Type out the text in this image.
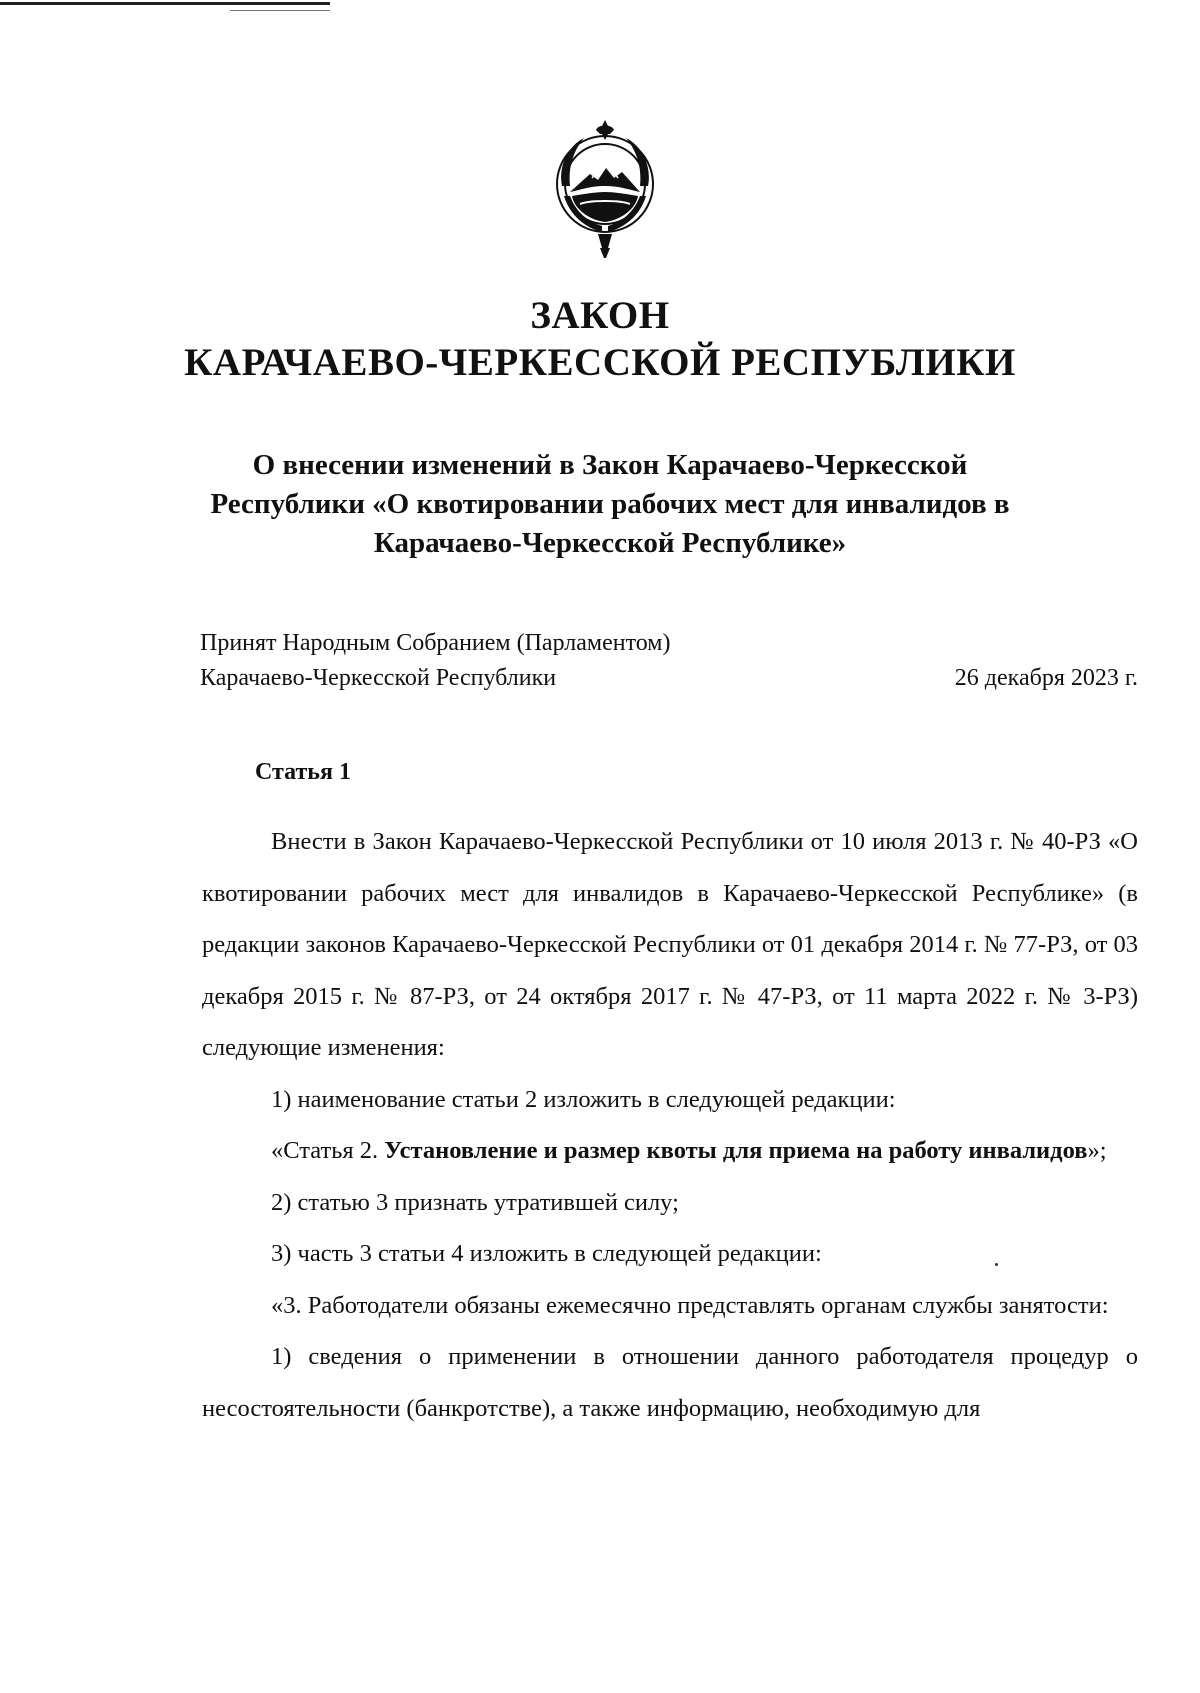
ЗАКОН
КАРАЧАЕВО-ЧЕРКЕССКОЙ РЕСПУБЛИКИ
О внесении изменений в Закон Карачаево-Черкесской
Республики «О квотировании рабочих мест для инвалидов в
Карачаево-Черкесской Республике»
Принят Народным Собранием (Парламентом)
Карачаево-Черкесской Республики	26 декабря 2023 г.
Статья 1

Внести в Закон Карачаево-Черкесской Республики от 10 июля 2013 г. № 40-РЗ «О квотировании рабочих мест для инвалидов в Карачаево-Черкесской Республике» (в редакции законов Карачаево-Черкесской Республики от 01 декабря 2014 г. № 77-РЗ, от 03 декабря 2015 г. № 87-РЗ, от 24 октября 2017 г. № 47-РЗ, от 11 марта 2022 г. № 3-РЗ) следующие изменения:

1) наименование статьи 2 изложить в следующей редакции:

«Статья 2. Установление и размер квоты для приема на работу инвалидов»;

2) статью 3 признать утратившей силу;

3) часть 3 статьи 4 изложить в следующей редакции:

«3. Работодатели обязаны ежемесячно представлять органам службы занятости:

1) сведения о применении в отношении данного работодателя процедур о несостоятельности (банкротстве), а также информацию, необходимую для
